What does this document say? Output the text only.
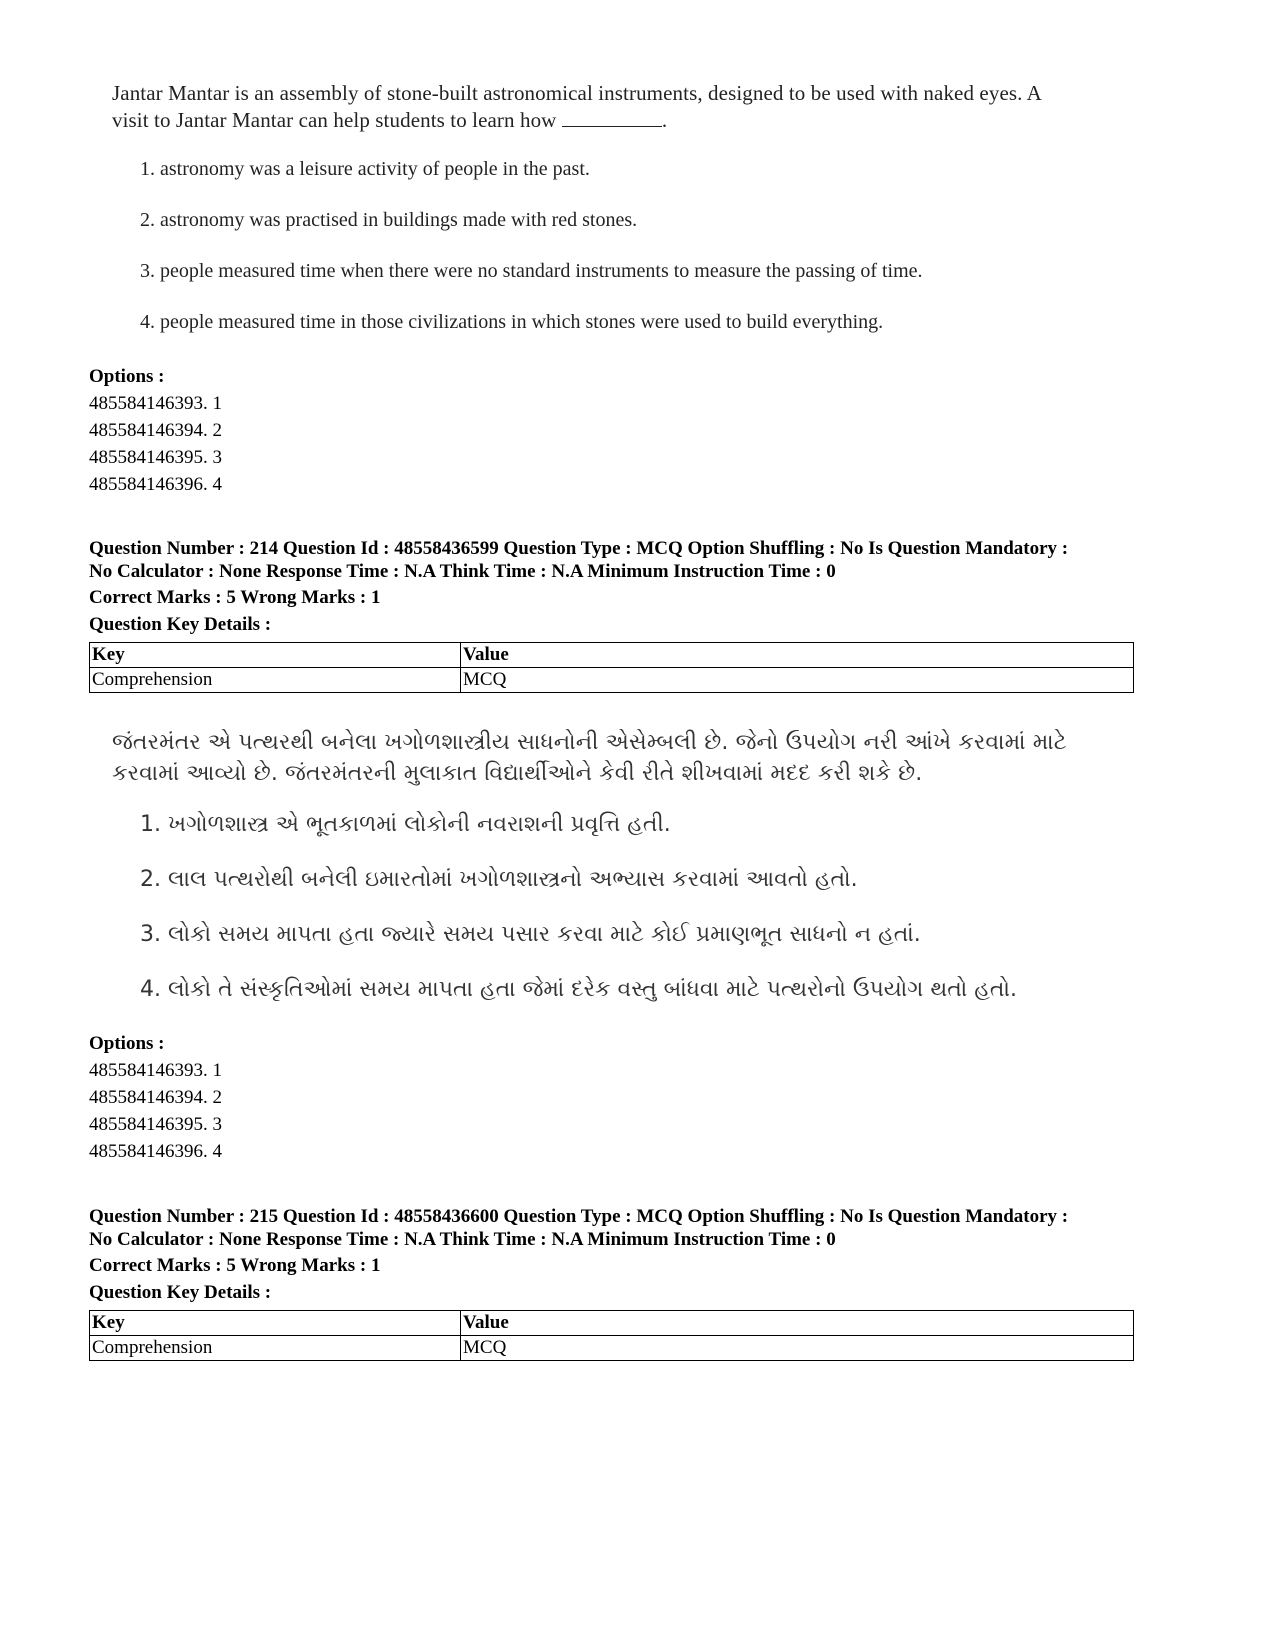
Jantar Mantar is an assembly of stone-built astronomical instruments, designed to be used with naked eyes. A
visit to Jantar Mantar can help students to learn how	.

1. astronomy was a leisure activity of people in the past.
2. astronomy was practised in buildings made with red stones.
3. people measured time when there were no standard instruments to measure the passing of time.
4. people measured time in those civilizations in which stones were used to build everything.
Options :
485584146393. 1
485584146394. 2
485584146395. 3
485584146396. 4
Question Number : 214 Question Id : 48558436599 Question Type : MCQ Option Shuffling : No Is Question Mandatory :
No Calculator : None Response Time : N.A Think Time : N.A Minimum Instruction Time : 0
Correct Marks : 5 Wrong Marks : 1
Question Key Details :
Key	Value
Comprehension	MCQ

જંતરમંતર એ પત્થરથી બનેલા ખગોળશાસ્ત્રીય સાધનોની એસેમ્બલી છે. જેનો ઉપયોગ નરી આંખે કરવામાં માટે
કરવામાં આવ્યો છે. જંતરમંતરની મુલાકાત વિદ્યાર્થીઓને કેવી રીતે શીખવામાં મદદ કરી શકે છે.

1. ખગોળશાસ્ત્ર એ ભૂતકાળમાં લોકોની નવરાશની પ્રવૃત્તિ હતી.
2. લાલ પત્થરોથી બનેલી ઇમારતોમાં ખગોળશાસ્ત્રનો અભ્યાસ કરવામાં આવતો હતો.
3. લોકો સમય માપતા હતા જ્યારે સમય પસાર કરવા માટે કોઈ પ્રમાણભૂત સાધનો ન હતાં.
4. લોકો તે સંસ્કૃતિઓમાં સમય માપતા હતા જેમાં દરેક વસ્તુ બાંધવા માટે પત્થરોનો ઉપયોગ થતો હતો.
Options :
485584146393. 1
485584146394. 2
485584146395. 3
485584146396. 4
Question Number : 215 Question Id : 48558436600 Question Type : MCQ Option Shuffling : No Is Question Mandatory :
No Calculator : None Response Time : N.A Think Time : N.A Minimum Instruction Time : 0
Correct Marks : 5 Wrong Marks : 1
Question Key Details :
Key	Value
Comprehension	MCQ
